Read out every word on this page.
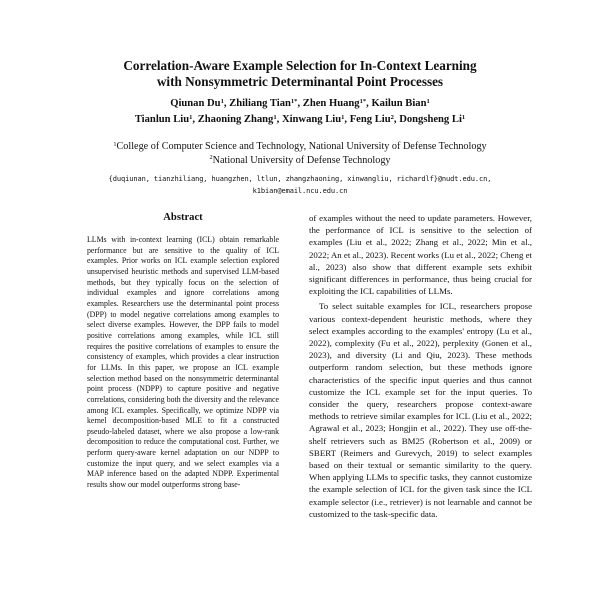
Correlation-Aware Example Selection for In-Context Learning
with Nonsymmetric Determinantal Point Processes
Qiunan Du$^1$, Zhiliang Tian$^{1*}$, Zhen Huang$^{1*}$, Kailun Bian$^1$
Tianlun Liu$^1$, Zhaoning Zhang$^1$, Xinwang Liu$^1$, Feng Liu$^2$, Dongsheng Li$^1$
$^1$College of Computer Science and Technology, National University of Defense Technology
$^2$National University of Defense Technology
{duqiunan, tianzhiliang, huangzhen, ltlun, zhangzhaoning, xinwangliu, richardlf}@nudt.edu.cn,
k1bian@email.ncu.edu.cn
Abstract
LLMs with in-context learning (ICL) obtain remarkable performance but are sensitive to the quality of ICL examples. Prior works on ICL example selection explored unsupervised heuristic methods and supervised LLM-based methods, but they typically focus on the selection of individual examples and ignore correlations among examples. Researchers use the determinantal point process (DPP) to model negative correlations among examples to select diverse examples. However, the DPP fails to model positive correlations among examples, while ICL still requires the positive correlations of examples to ensure the consistency of examples, which provides a clear instruction for LLMs. In this paper, we propose an ICL example selection method based on the nonsymmetric determinantal point process (NDPP) to capture positive and negative correlations, considering both the diversity and the relevance among ICL examples. Specifically, we optimize NDPP via kernel decomposition-based MLE to fit a constructed pseudo-labeled dataset, where we also propose a low-rank decomposition to reduce the computational cost. Further, we perform query-aware kernel adaptation on our NDPP to customize the input query, and we select examples via a MAP inference based on the adapted NDPP. Experimental results show our model outperforms strong base-

of examples without the need to update parameters. However, the performance of ICL is sensitive to the selection of examples (Liu et al., 2022; Zhang et al., 2022; Min et al., 2022; An et al., 2023). Recent works (Lu et al., 2022; Cheng et al., 2023) also show that different example sets exhibit significant differences in performance, thus being crucial for exploiting the ICL capabilities of LLMs.

To select suitable examples for ICL, researchers propose various context-dependent heuristic methods, where they select examples according to the examples' entropy (Lu et al., 2022), complexity (Fu et al., 2022), perplexity (Gonen et al., 2023), and diversity (Li and Qiu, 2023). These methods outperform random selection, but these methods ignore characteristics of the specific input queries and thus cannot customize the ICL example set for the input queries. To consider the query, researchers propose context-aware methods to retrieve similar examples for ICL (Liu et al., 2022; Agrawal et al., 2023; Hongjin et al., 2022). They use off-the-shelf retrievers such as BM25 (Robertson et al., 2009) or SBERT (Reimers and Gurevych, 2019) to select examples based on their textual or semantic similarity to the query. When applying LLMs to specific tasks, they cannot customize the example selection of ICL for the given task since the ICL example selector (i.e., retriever) is not learnable and cannot be customized to the task-specific data.
